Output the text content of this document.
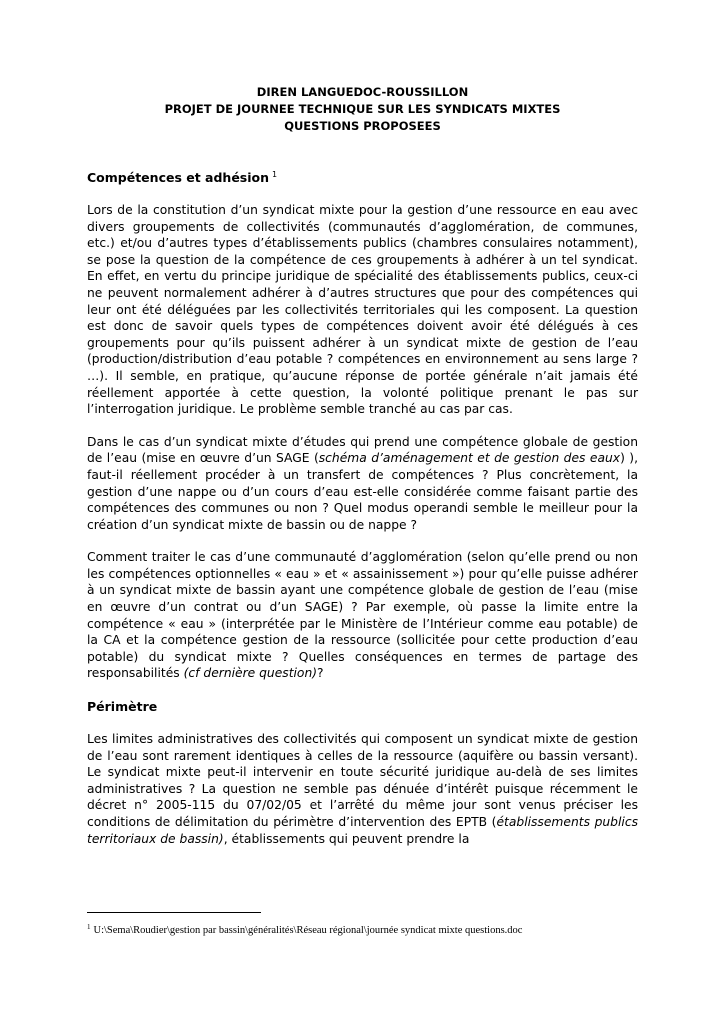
DIREN LANGUEDOC-ROUSSILLON
PROJET DE JOURNEE TECHNIQUE SUR LES SYNDICATS MIXTES
QUESTIONS PROPOSEES
Compétences et adhésion $^1$

Lors de la constitution d’un syndicat mixte pour la gestion d’une ressource en eau avec divers groupements de collectivités (communautés d’agglomération, de communes, etc.) et/ou d’autres types d’établissements publics (chambres consulaires notamment), se pose la question de la compétence de ces groupements à adhérer à un tel syndicat. En effet, en vertu du principe juridique de spécialité des établissements publics, ceux-ci ne peuvent normalement adhérer à d’autres structures que pour des compétences qui leur ont été déléguées par les collectivités territoriales qui les composent. La question est donc de savoir quels types de compétences doivent avoir été délégués à ces groupements pour qu’ils puissent adhérer à un syndicat mixte de gestion de l’eau (production/distribution d’eau potable ? compétences en environnement au sens large ? …). Il semble, en pratique, qu’aucune réponse de portée générale n’ait jamais été réellement apportée à cette question, la volonté politique prenant le pas sur l’interrogation juridique. Le problème semble tranché au cas par cas.

Dans le cas d’un syndicat mixte d’études qui prend une compétence globale de gestion de l’eau (mise en œuvre d’un SAGE (schéma d’aménagement et de gestion des eaux) ), faut-il réellement procéder à un transfert de compétences ? Plus concrètement, la gestion d’une nappe ou d’un cours d’eau est-elle considérée comme faisant partie des compétences des communes ou non ? Quel modus operandi semble le meilleur pour la création d’un syndicat mixte de bassin ou de nappe ?

Comment traiter le cas d’une communauté d’agglomération (selon qu’elle prend ou non les compétences optionnelles « eau » et « assainissement ») pour qu’elle puisse adhérer à un syndicat mixte de bassin ayant une compétence globale de gestion de l’eau (mise en œuvre d’un contrat ou d’un SAGE) ? Par exemple, où passe la limite entre la compétence « eau » (interprétée par le Ministère de l’Intérieur comme eau potable) de la CA et la compétence gestion de la ressource (sollicitée pour cette production d’eau potable) du syndicat mixte ? Quelles conséquences en termes de partage des responsabilités (cf dernière question)?

Périmètre

Les limites administratives des collectivités qui composent un syndicat mixte de gestion de l’eau sont rarement identiques à celles de la ressource (aquifère ou bassin versant). Le syndicat mixte peut-il intervenir en toute sécurité juridique au-delà de ses limites administratives ? La question ne semble pas dénuée d’intérêt puisque récemment le décret n° 2005-115 du 07/02/05 et l’arrêté du même jour sont venus préciser les conditions de délimitation du périmètre d’intervention des EPTB (établissements publics territoriaux de bassin), établissements qui peuvent prendre la

$^1$ U:\Sema\Roudier\gestion par bassin\généralités\Réseau régional\journée syndicat mixte questions.doc
